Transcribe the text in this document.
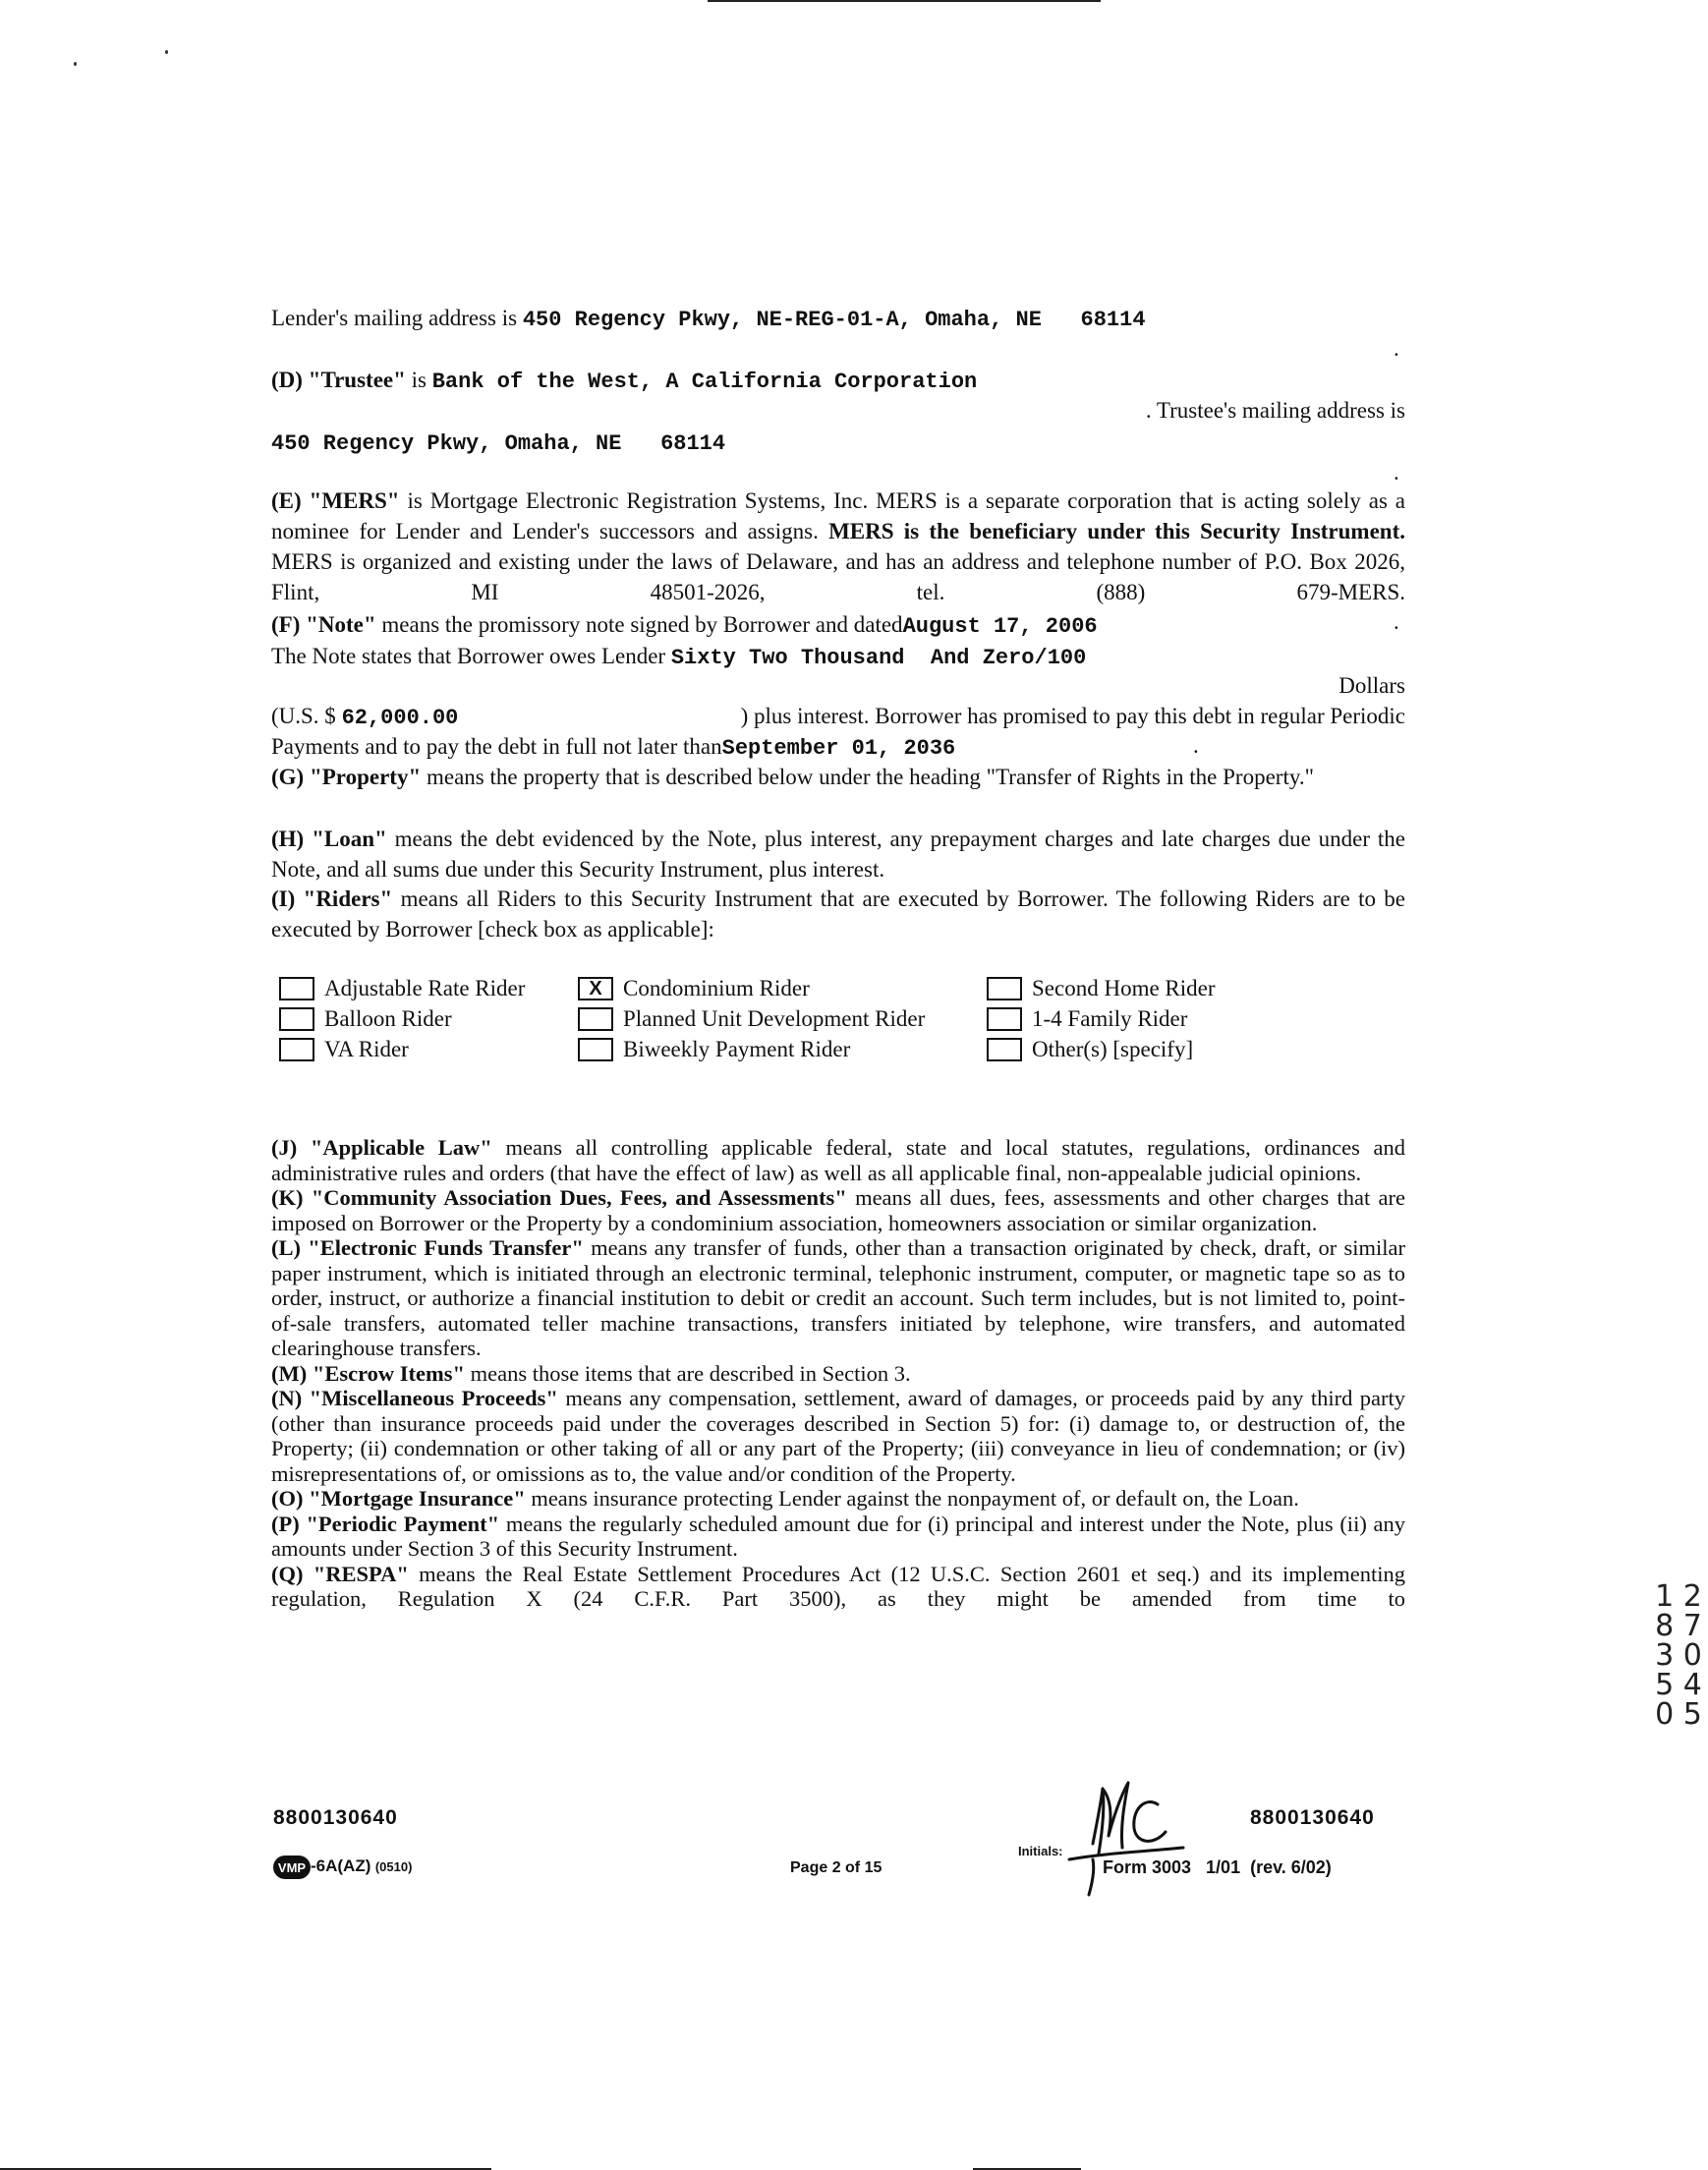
Lender's mailing address is 450 Regency Pkwy, NE-REG-01-A, Omaha, NE   68114
.
(D) "Trustee" is Bank of the West, A California Corporation
. Trustee's mailing address is
450 Regency Pkwy, Omaha, NE   68114
.
(E) "MERS" is Mortgage Electronic Registration Systems, Inc. MERS is a separate corporation that is acting solely as a nominee for Lender and Lender's successors and assigns. MERS is the beneficiary under this Security Instrument. MERS is organized and existing under the laws of Delaware, and has an address and telephone number of P.O. Box 2026, Flint, MI 48501-2026, tel. (888) 679-MERS.
(F) "Note" means the promissory note signed by Borrower and datedAugust 17, 2006	.
The Note states that Borrower owes Lender Sixty Two Thousand  And Zero/100
Dollars
(U.S. $ 62,000.00	) plus interest. Borrower has promised to pay this debt in regular Periodic
Payments and to pay the debt in full not later thanSeptember 01, 2036	.
(G) "Property" means the property that is described below under the heading "Transfer of Rights in the Property."
(H) "Loan" means the debt evidenced by the Note, plus interest, any prepayment charges and late charges due under the Note, and all sums due under this Security Instrument, plus interest.
(I) "Riders" means all Riders to this Security Instrument that are executed by Borrower. The following Riders are to be executed by Borrower [check box as applicable]:
Adjustable Rate Rider	X Condominium Rider	Second Home Rider
Balloon Rider	Planned Unit Development Rider	1-4 Family Rider
VA Rider	Biweekly Payment Rider	Other(s) [specify]
(J) "Applicable Law" means all controlling applicable federal, state and local statutes, regulations, ordinances and administrative rules and orders (that have the effect of law) as well as all applicable final, non-appealable judicial opinions.
(K) "Community Association Dues, Fees, and Assessments" means all dues, fees, assessments and other charges that are imposed on Borrower or the Property by a condominium association, homeowners association or similar organization.
(L) "Electronic Funds Transfer" means any transfer of funds, other than a transaction originated by check, draft, or similar paper instrument, which is initiated through an electronic terminal, telephonic instrument, computer, or magnetic tape so as to order, instruct, or authorize a financial institution to debit or credit an account. Such term includes, but is not limited to, point-of-sale transfers, automated teller machine transactions, transfers initiated by telephone, wire transfers, and automated clearinghouse transfers.
(M) "Escrow Items" means those items that are described in Section 3.
(N) "Miscellaneous Proceeds" means any compensation, settlement, award of damages, or proceeds paid by any third party (other than insurance proceeds paid under the coverages described in Section 5) for: (i) damage to, or destruction of, the Property; (ii) condemnation or other taking of all or any part of the Property; (iii) conveyance in lieu of condemnation; or (iv) misrepresentations of, or omissions as to, the value and/or condition of the Property.
(O) "Mortgage Insurance" means insurance protecting Lender against the nonpayment of, or default on, the Loan.
(P) "Periodic Payment" means the regularly scheduled amount due for (i) principal and interest under the Note, plus (ii) any amounts under Section 3 of this Security Instrument.
(Q) "RESPA" means the Real Estate Settlement Procedures Act (12 U.S.C. Section 2601 et seq.) and its implementing regulation, Regulation X (24 C.F.R. Part 3500), as they might be amended from time to
8800130640	8800130640
VMP -6A(AZ) (0510)	Page 2 of 15
Initials:
Form 3003   1/01  (rev. 6/02)
1 2 8 7 3 0 5 4 0 5
